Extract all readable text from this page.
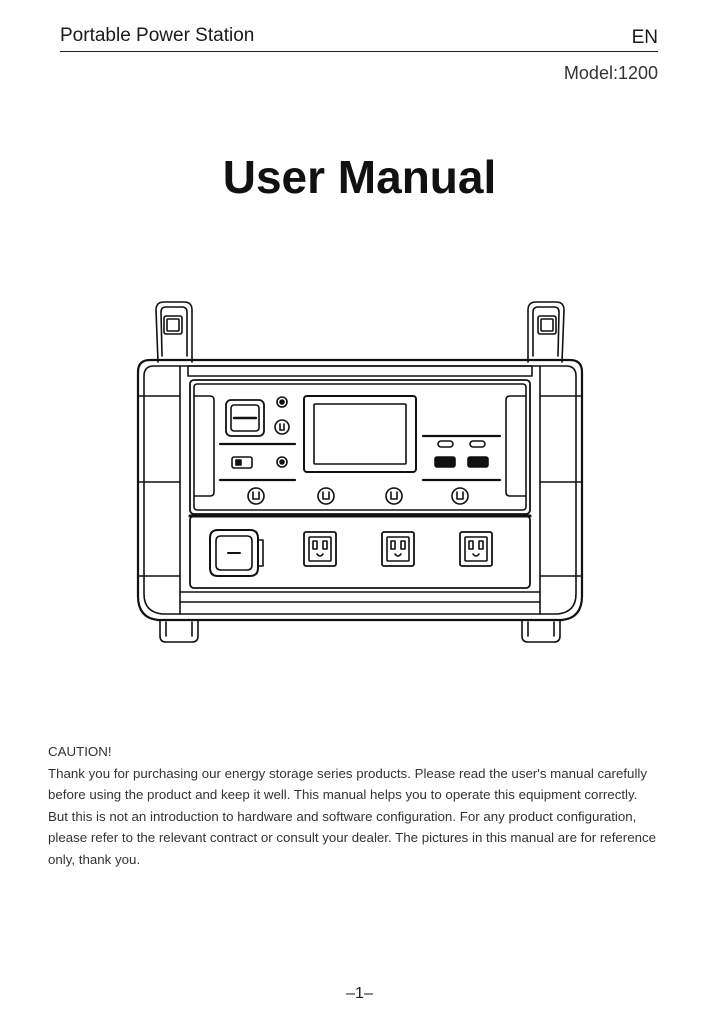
Portable Power Station	EN
Model:1200
User Manual
CAUTION!
Thank you for purchasing our energy storage series products. Please read the user's manual carefully
before using the product and keep it well. This manual helps you to operate this equipment correctly.
But this is not an introduction to hardware and software configuration. For any product configuration,
please refer to the relevant contract or consult your dealer. The pictures in this manual are for reference
only, thank you.
–1–
